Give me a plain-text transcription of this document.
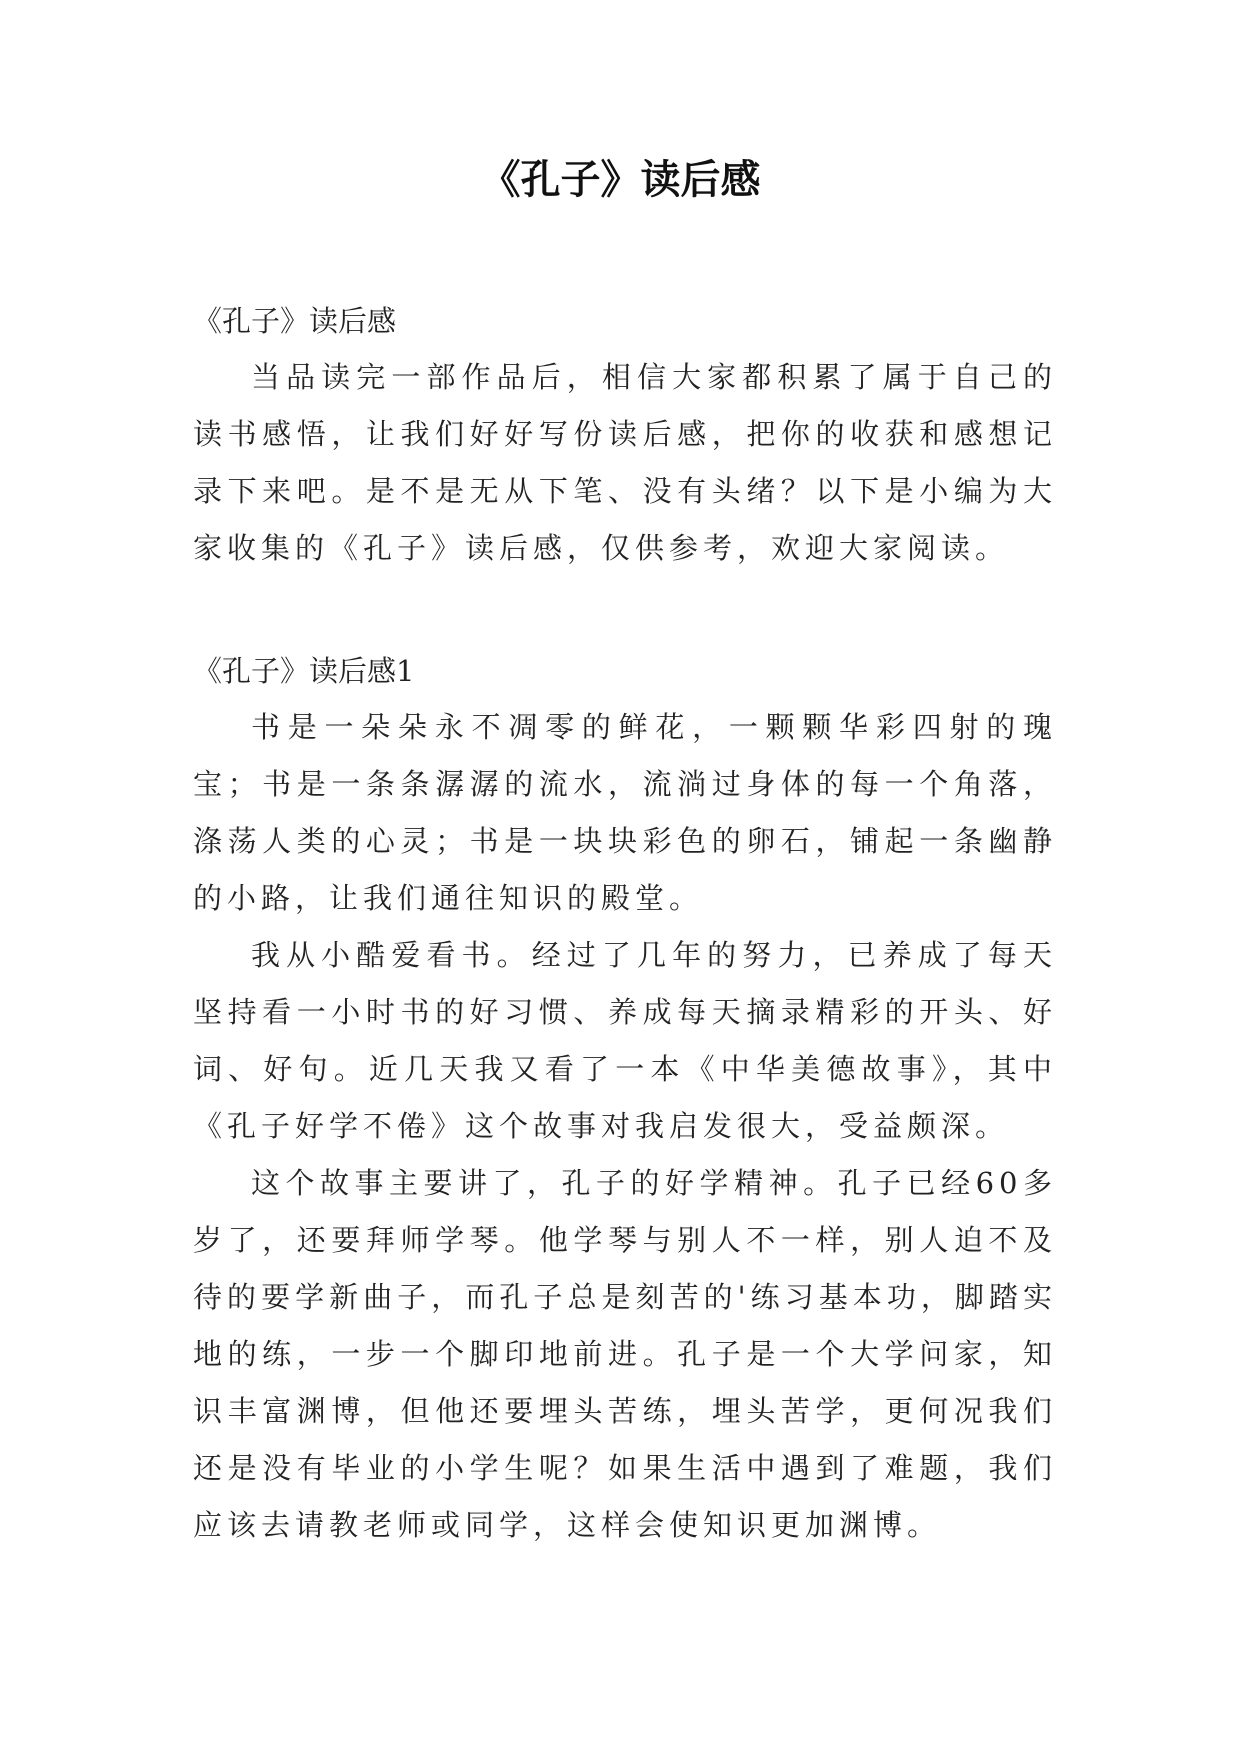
《孔子》读后感
《孔子》读后感

当品读完一部作品后，相信大家都积累了属于自己的读书感悟，让我们好好写份读后感，把你的收获和感想记录下来吧。是不是无从下笔、没有头绪？以下是小编为大家收集的《孔子》读后感，仅供参考，欢迎大家阅读。

《孔子》读后感1

书是一朵朵永不凋零的鲜花，一颗颗华彩四射的瑰宝；书是一条条潺潺的流水，流淌过身体的每一个角落，涤荡人类的心灵；书是一块块彩色的卵石，铺起一条幽静的小路，让我们通往知识的殿堂。

我从小酷爱看书。经过了几年的努力，已养成了每天坚持看一小时书的好习惯、养成每天摘录精彩的开头、好词、好句。近几天我又看了一本《中华美德故事》，其中《孔子好学不倦》这个故事对我启发很大，受益颇深。

这个故事主要讲了，孔子的好学精神。孔子已经60多岁了，还要拜师学琴。他学琴与别人不一样，别人迫不及待的要学新曲子，而孔子总是刻苦的'练习基本功，脚踏实地的练，一步一个脚印地前进。孔子是一个大学问家，知识丰富渊博，但他还要埋头苦练，埋头苦学，更何况我们还是没有毕业的小学生呢？如果生活中遇到了难题，我们应该去请教老师或同学，这样会使知识更加渊博。
